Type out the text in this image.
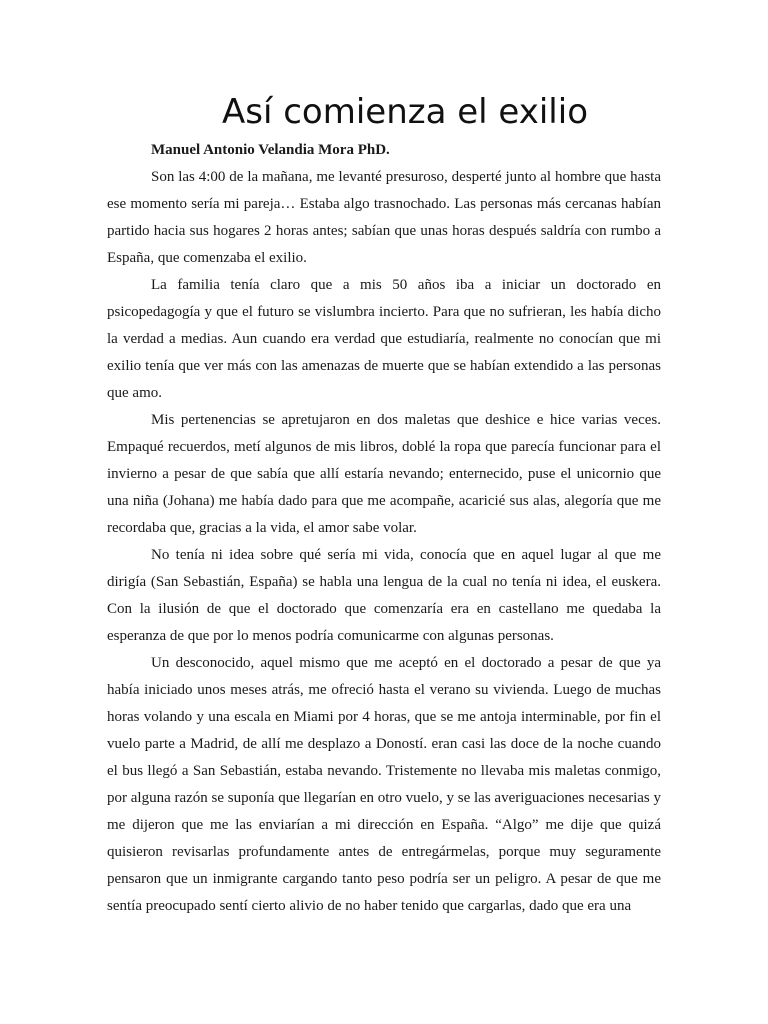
Así comienza el exilio

Manuel Antonio Velandia Mora PhD.

Son las 4:00 de la mañana, me levanté presuroso, desperté junto al hombre que hasta ese momento sería mi pareja… Estaba algo trasnochado. Las personas más cercanas habían partido hacia sus hogares 2 horas antes; sabían que unas horas después saldría con rumbo a España, que comenzaba el exilio.

La familia tenía claro que a mis 50 años iba a iniciar un doctorado en psicopedagogía y que el futuro se vislumbra incierto. Para que no sufrieran, les había dicho la verdad a medias. Aun cuando era verdad que estudiaría, realmente no conocían que mi exilio tenía que ver más con las amenazas de muerte que se habían extendido a las personas que amo.

Mis pertenencias se apretujaron en dos maletas que deshice e hice varias veces. Empaqué recuerdos, metí algunos de mis libros, doblé la ropa que parecía funcionar para el invierno a pesar de que sabía que allí estaría nevando; enternecido, puse el unicornio que una niña (Johana) me había dado para que me acompañe, acaricié sus alas, alegoría que me recordaba que, gracias a la vida, el amor sabe volar.

No tenía ni idea sobre qué sería mi vida, conocía que en aquel lugar al que me dirigía (San Sebastián, España) se habla una lengua de la cual no tenía ni idea, el euskera. Con la ilusión de que el doctorado que comenzaría era en castellano me quedaba la esperanza de que por lo menos podría comunicarme con algunas personas.

Un desconocido, aquel mismo que me aceptó en el doctorado a pesar de que ya había iniciado unos meses atrás, me ofreció hasta el verano su vivienda. Luego de muchas horas volando y una escala en Miami por 4 horas, que se me antoja interminable, por fin el vuelo parte a Madrid, de allí me desplazo a Doností. eran casi las doce de la noche cuando el bus llegó a San Sebastián, estaba nevando. Tristemente no llevaba mis maletas conmigo, por alguna razón se suponía que llegarían en otro vuelo, y se las averiguaciones necesarias y me dijeron que me las enviarían a mi dirección en España. “Algo” me dije que quizá quisieron revisarlas profundamente antes de entregármelas, porque muy seguramente pensaron que un inmigrante cargando tanto peso podría ser un peligro. A pesar de que me sentía preocupado sentí cierto alivio de no haber tenido que cargarlas, dado que era una
